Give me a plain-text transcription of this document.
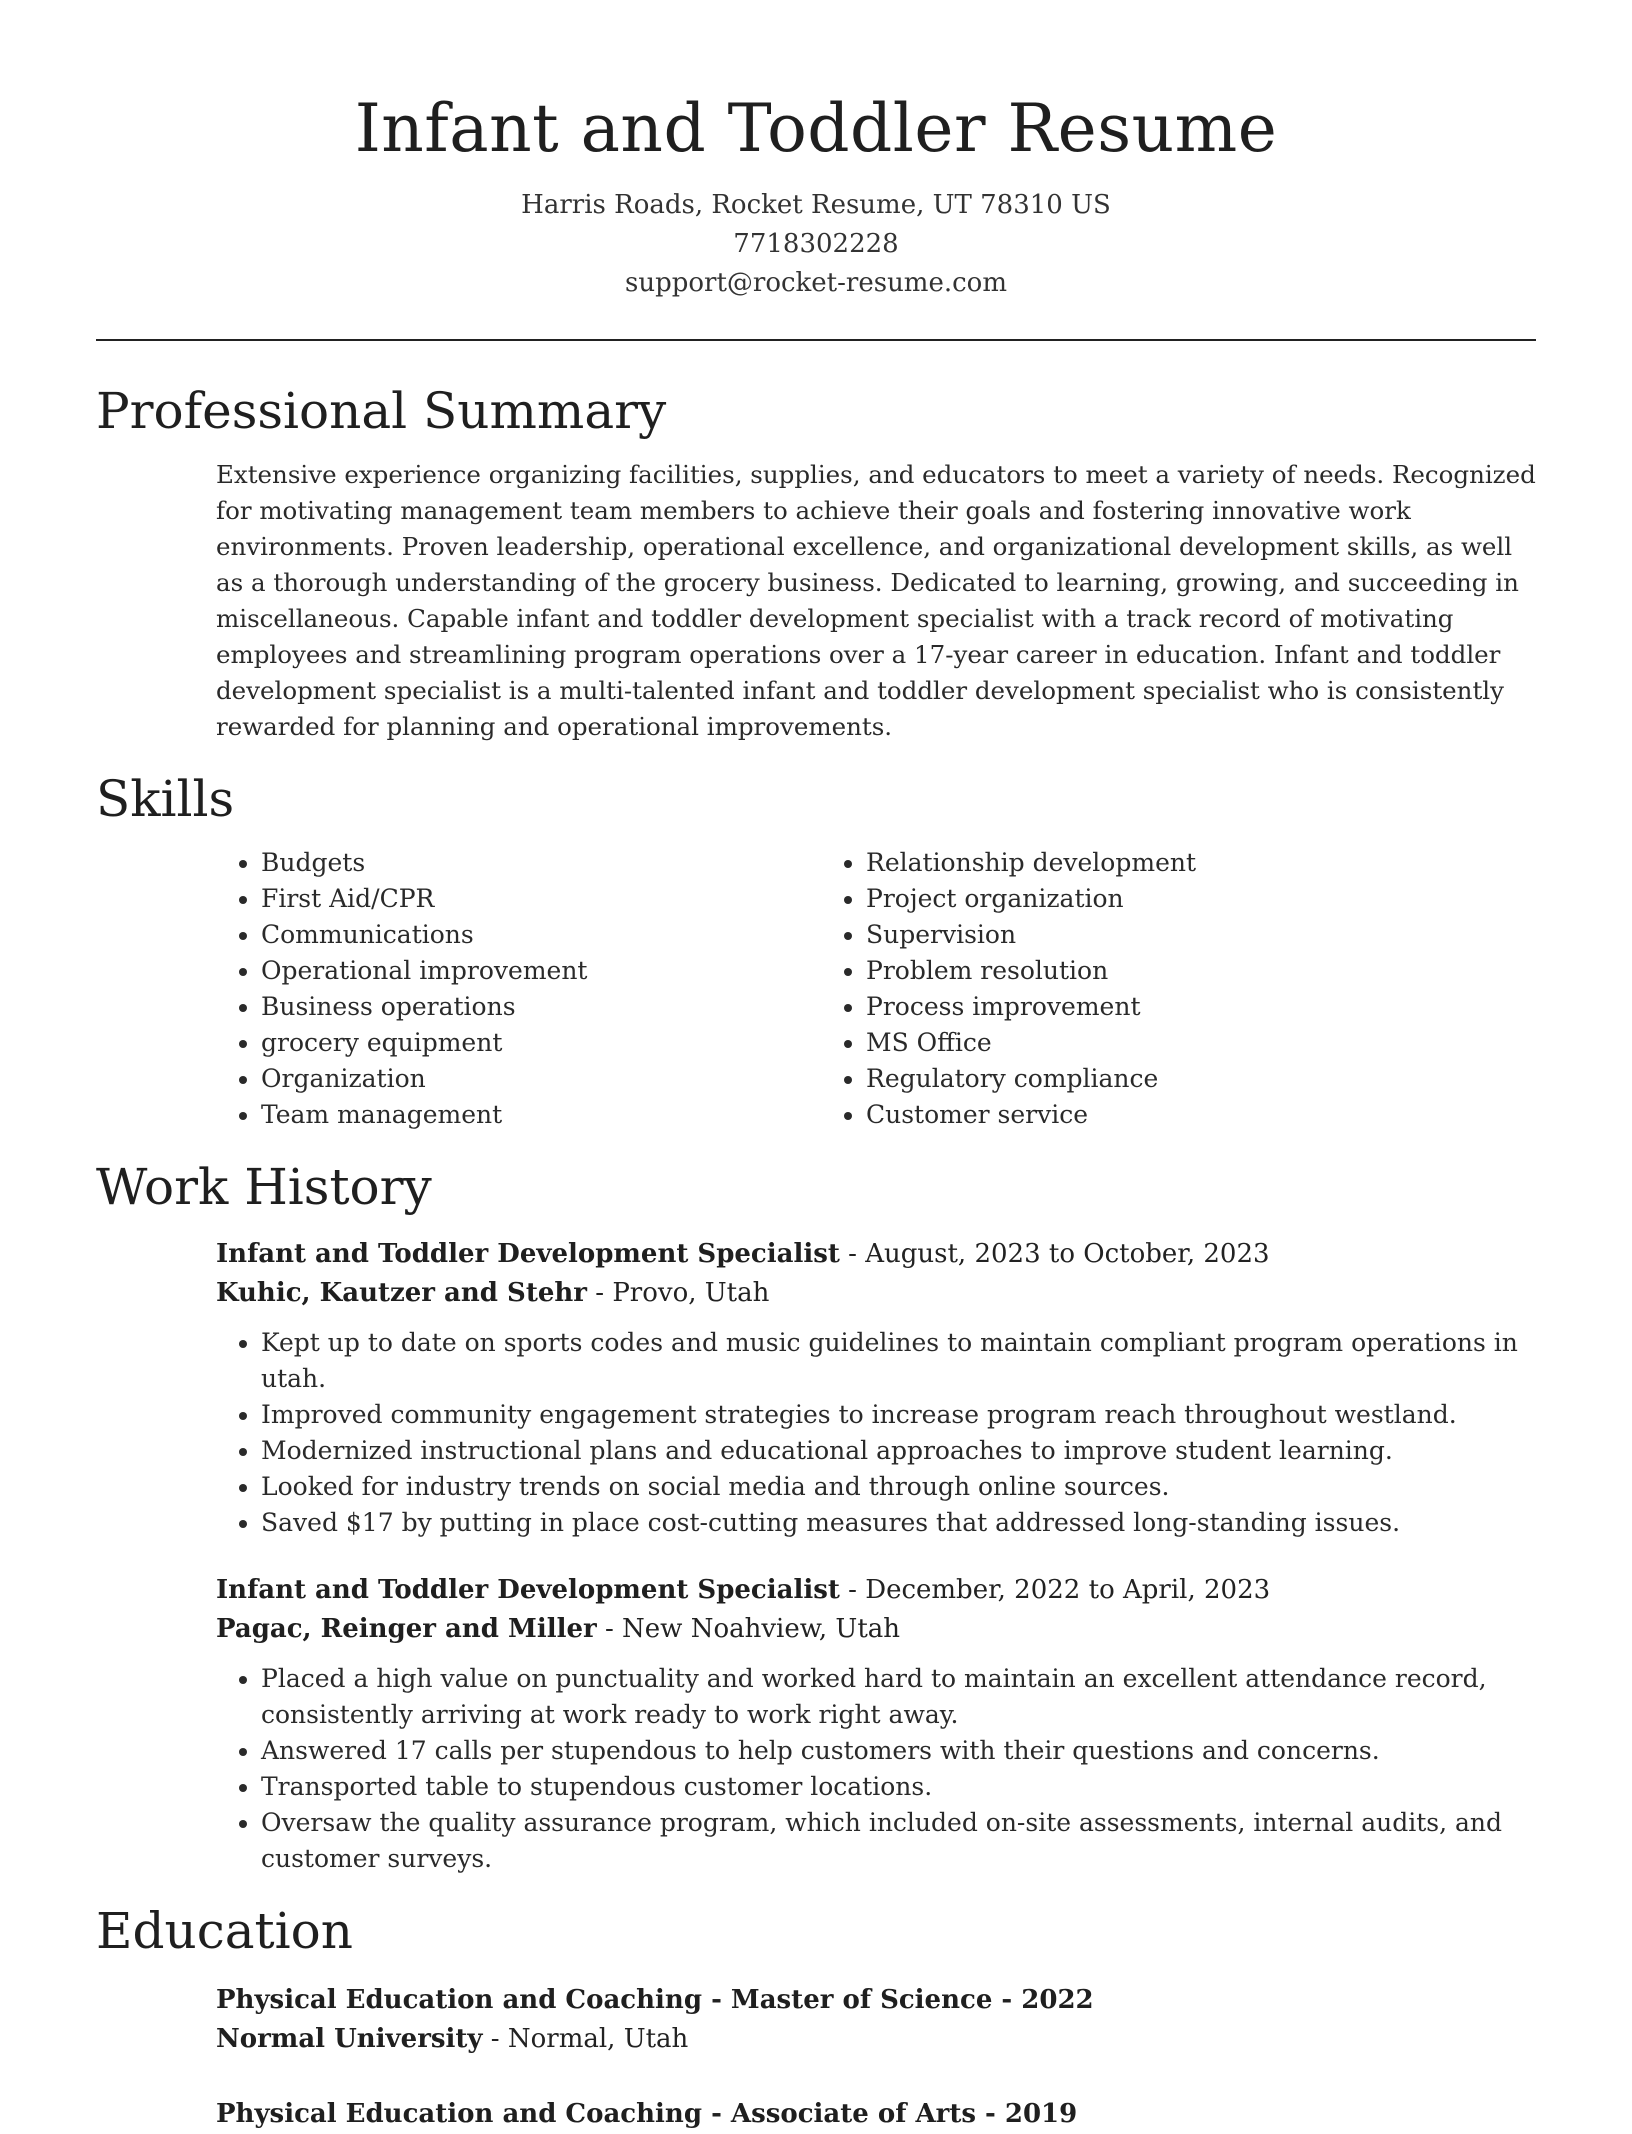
Infant and Toddler Resume
Harris Roads, Rocket Resume, UT 78310 US
7718302228
support@rocket-resume.com
Professional Summary

Extensive experience organizing facilities, supplies, and educators to meet a variety of needs. Recognized for motivating management team members to achieve their goals and fostering innovative work environments. Proven leadership, operational excellence, and organizational development skills, as well as a thorough understanding of the grocery business. Dedicated to learning, growing, and succeeding in miscellaneous. Capable infant and toddler development specialist with a track record of motivating employees and streamlining program operations over a 17-year career in education. Infant and toddler development specialist is a multi-talented infant and toddler development specialist who is consistently rewarded for planning and operational improvements.

Skills
• Budgets
• First Aid/CPR
• Communications
• Operational improvement
• Business operations
• grocery equipment
• Organization
• Team management
• Relationship development
• Project organization
• Supervision
• Problem resolution
• Process improvement
• MS Office
• Regulatory compliance
• Customer service
Work History
Infant and Toddler Development Specialist - August, 2023 to October, 2023
Kuhic, Kautzer and Stehr - Provo, Utah
• Kept up to date on sports codes and music guidelines to maintain compliant program operations in utah.
• Improved community engagement strategies to increase program reach throughout westland.
• Modernized instructional plans and educational approaches to improve student learning.
• Looked for industry trends on social media and through online sources.
• Saved $17 by putting in place cost-cutting measures that addressed long-standing issues.
Infant and Toddler Development Specialist - December, 2022 to April, 2023
Pagac, Reinger and Miller - New Noahview, Utah
• Placed a high value on punctuality and worked hard to maintain an excellent attendance record, consistently arriving at work ready to work right away.
• Answered 17 calls per stupendous to help customers with their questions and concerns.
• Transported table to stupendous customer locations.
• Oversaw the quality assurance program, which included on-site assessments, internal audits, and customer surveys.
Education
Physical Education and Coaching - Master of Science - 2022
Normal University - Normal, Utah
Physical Education and Coaching - Associate of Arts - 2019
